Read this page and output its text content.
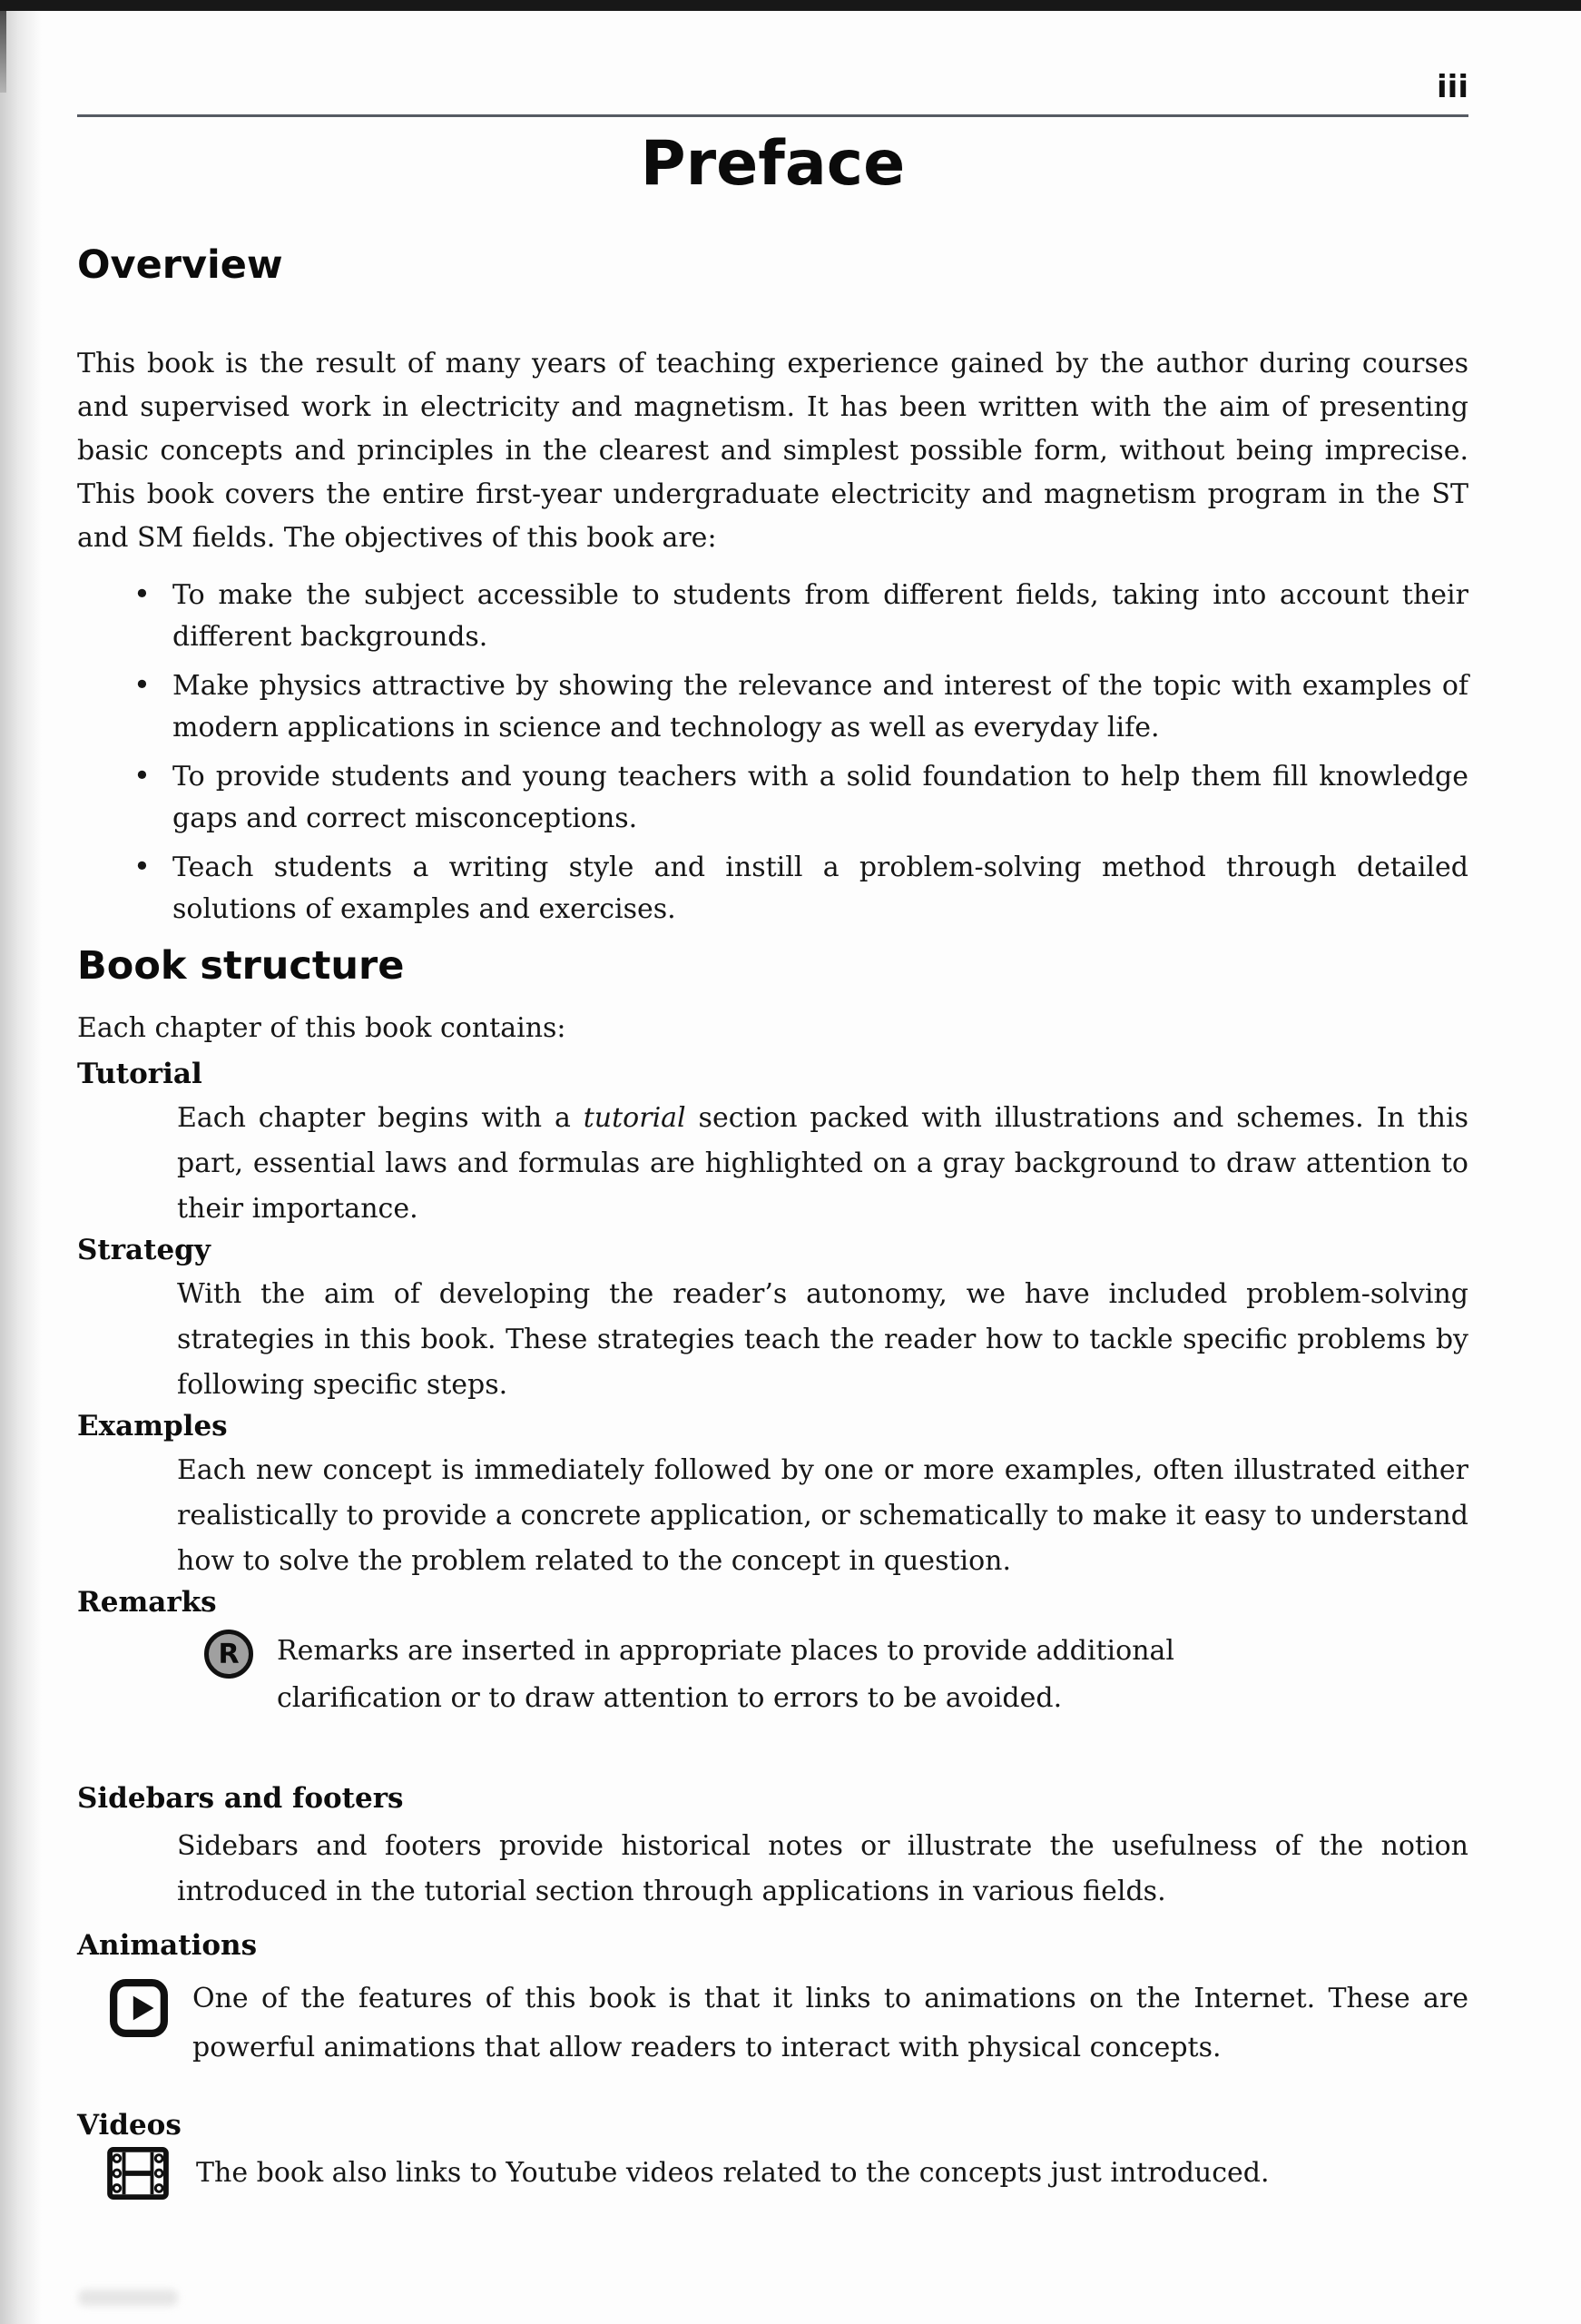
iii
Preface
Overview

This book is the result of many years of teaching experience gained by the author during courses and supervised work in electricity and magnetism. It has been written with the aim of presenting basic concepts and principles in the clearest and simplest possible form, without being imprecise. This book covers the entire first-year undergraduate electricity and magnetism program in the ST and SM fields. The objectives of this book are:

• To make the subject accessible to students from different fields, taking into account their different backgrounds.
• Make physics attractive by showing the relevance and interest of the topic with examples of modern applications in science and technology as well as everyday life.
• To provide students and young teachers with a solid foundation to help them fill knowledge gaps and correct misconceptions.
• Teach students a writing style and instill a problem-solving method through detailed solutions of examples and exercises.
Book structure

Each chapter of this book contains:

Tutorial

Each chapter begins with a tutorial section packed with illustrations and schemes. In this part, essential laws and formulas are highlighted on a gray background to draw attention to their importance.

Strategy

With the aim of developing the reader’s autonomy, we have included problem-solving strategies in this book. These strategies teach the reader how to tackle specific problems by following specific steps.

Examples

Each new concept is immediately followed by one or more examples, often illustrated either realistically to provide a concrete application, or schematically to make it easy to understand how to solve the problem related to the concept in question.

Remarks

R	Remarks are inserted in appropriate places to provide additional clarification or to draw attention to errors to be avoided.

Sidebars and footers

Sidebars and footers provide historical notes or illustrate the usefulness of the notion introduced in the tutorial section through applications in various fields.

Animations

One of the features of this book is that it links to animations on the Internet. These are powerful animations that allow readers to interact with physical concepts.

Videos

The book also links to Youtube videos related to the concepts just introduced.
